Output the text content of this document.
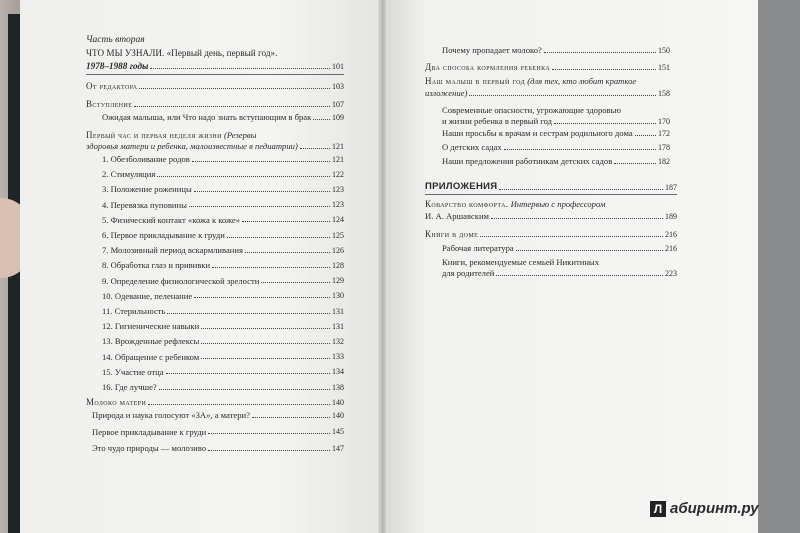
Часть вторая
ЧТО МЫ УЗНАЛИ. «Первый день, первый год».
1978–1988 годы	101
От редактора	103
Вступление	107
Ожидая малыша, или Что надо знать вступающим в брак	109
Первый час и первая неделя жизни (Резервы
здоровья матери и ребенка, малоизвестные в педиатрии)	121
1. Обезболивание родов	121
2. Стимуляция	122
3. Положение роженицы	123
4. Перевязка пуповины	123
5. Физический контакт «кожа к коже»	124
6. Первое прикладывание к груди	125
7. Молозивный период вскармливания	126
8. Обработка глаз и прививки	128
9. Определение физиологической зрелости	129
10. Одевание, пеленание	130
11. Стерильность	131
12. Гигиенические навыки	131
13. Врожденные рефлексы	132
14. Обращение с ребенком	133
15. Участие отца	134
16. Где лучше?	138
Молоко матери	140
Природа и наука голосуют «ЗА», а матери?	140
Первое прикладывание к груди	145
Это чудо природы — молозиво	147
Почему пропадает молоко?	150
Два способа кормления ребенка	151
Наш малыш в первый год (для тех, кто любит краткое
изложение)	158
Современные опасности, угрожающие здоровью
и жизни ребенка в первый год	170
Наши просьбы к врачам и сестрам родильного дома	172
О детских садах	178
Наши предложения работникам детских садов	182
ПРИЛОЖЕНИЯ	187
Коварство комфорта. Интервью с профессором
И. А. Аршавским	189
Книги в доме	216
Рабочая литература	216
Книги, рекомендуемые семьей Никитиных
для родителей	223
Л абиринт.ру
